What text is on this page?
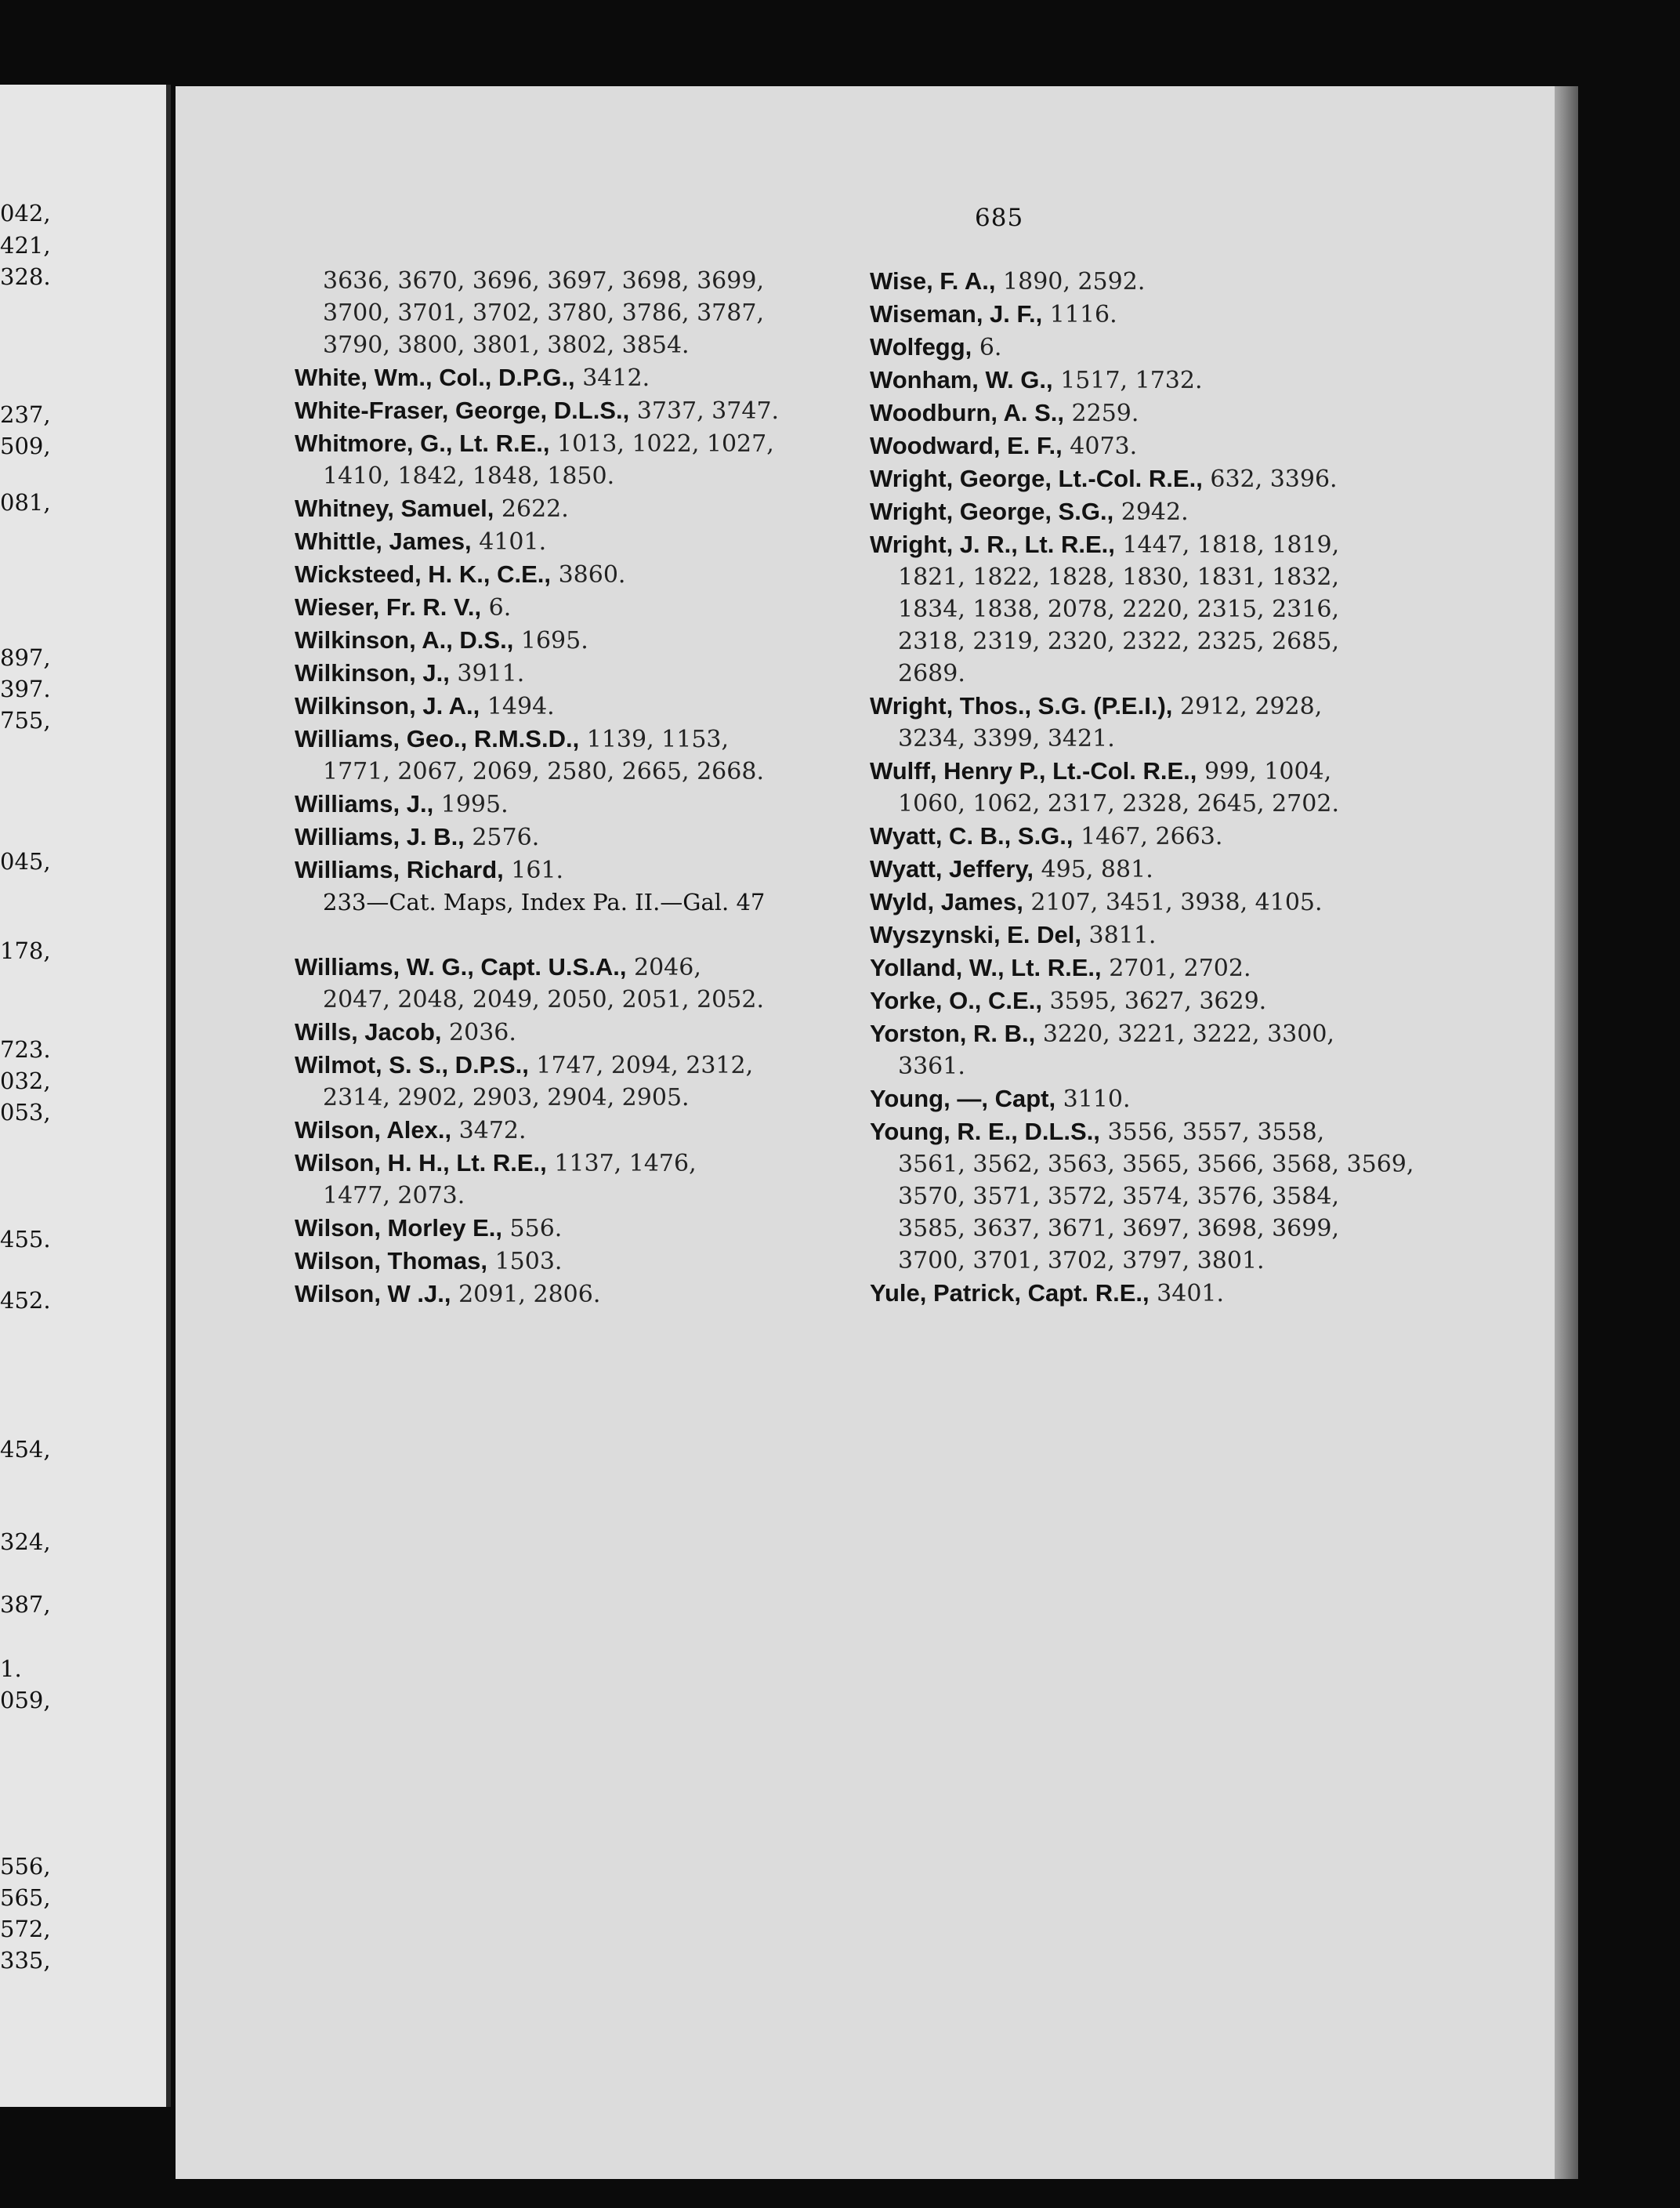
042,
421,
328.
237,
509,
081,
897,
397.
755,
045,
178,
723.
032,
053,
455.
452.
454,
324,
387,
1.
059,
556,
565,
572,
335,
685
3636, 3670, 3696, 3697, 3698, 3699,
3700, 3701, 3702, 3780, 3786, 3787,
3790, 3800, 3801, 3802, 3854.
White, Wm., Col., D.P.G., 3412.
White-Fraser, George, D.L.S., 3737, 3747.
Whitmore, G., Lt. R.E., 1013, 1022, 1027,
1410, 1842, 1848, 1850.
Whitney, Samuel, 2622.
Whittle, James, 4101.
Wicksteed, H. K., C.E., 3860.
Wieser, Fr. R. V., 6.
Wilkinson, A., D.S., 1695.
Wilkinson, J., 3911.
Wilkinson, J. A., 1494.
Williams, Geo., R.M.S.D., 1139, 1153,
1771, 2067, 2069, 2580, 2665, 2668.
Williams, J., 1995.
Williams, J. B., 2576.
Williams, Richard, 161.
233—Cat. Maps, Index Pa. II.—Gal. 47
Williams, W. G., Capt. U.S.A., 2046,
2047, 2048, 2049, 2050, 2051, 2052.
Wills, Jacob, 2036.
Wilmot, S. S., D.P.S., 1747, 2094, 2312,
2314, 2902, 2903, 2904, 2905.
Wilson, Alex., 3472.
Wilson, H. H., Lt. R.E., 1137, 1476,
1477, 2073.
Wilson, Morley E., 556.
Wilson, Thomas, 1503.
Wilson, W .J., 2091, 2806.
Wise, F. A., 1890, 2592.
Wiseman, J. F., 1116.
Wolfegg, 6.
Wonham, W. G., 1517, 1732.
Woodburn, A. S., 2259.
Woodward, E. F., 4073.
Wright, George, Lt.-Col. R.E., 632, 3396.
Wright, George, S.G., 2942.
Wright, J. R., Lt. R.E., 1447, 1818, 1819,
1821, 1822, 1828, 1830, 1831, 1832,
1834, 1838, 2078, 2220, 2315, 2316,
2318, 2319, 2320, 2322, 2325, 2685,
2689.
Wright, Thos., S.G. (P.E.I.), 2912, 2928,
3234, 3399, 3421.
Wulff, Henry P., Lt.-Col. R.E., 999, 1004,
1060, 1062, 2317, 2328, 2645, 2702.
Wyatt, C. B., S.G., 1467, 2663.
Wyatt, Jeffery, 495, 881.
Wyld, James, 2107, 3451, 3938, 4105.
Wyszynski, E. Del, 3811.
Yolland, W., Lt. R.E., 2701, 2702.
Yorke, O., C.E., 3595, 3627, 3629.
Yorston, R. B., 3220, 3221, 3222, 3300,
3361.
Young, —, Capt, 3110.
Young, R. E., D.L.S., 3556, 3557, 3558,
3561, 3562, 3563, 3565, 3566, 3568, 3569,
3570, 3571, 3572, 3574, 3576, 3584,
3585, 3637, 3671, 3697, 3698, 3699,
3700, 3701, 3702, 3797, 3801.
Yule, Patrick, Capt. R.E., 3401.
